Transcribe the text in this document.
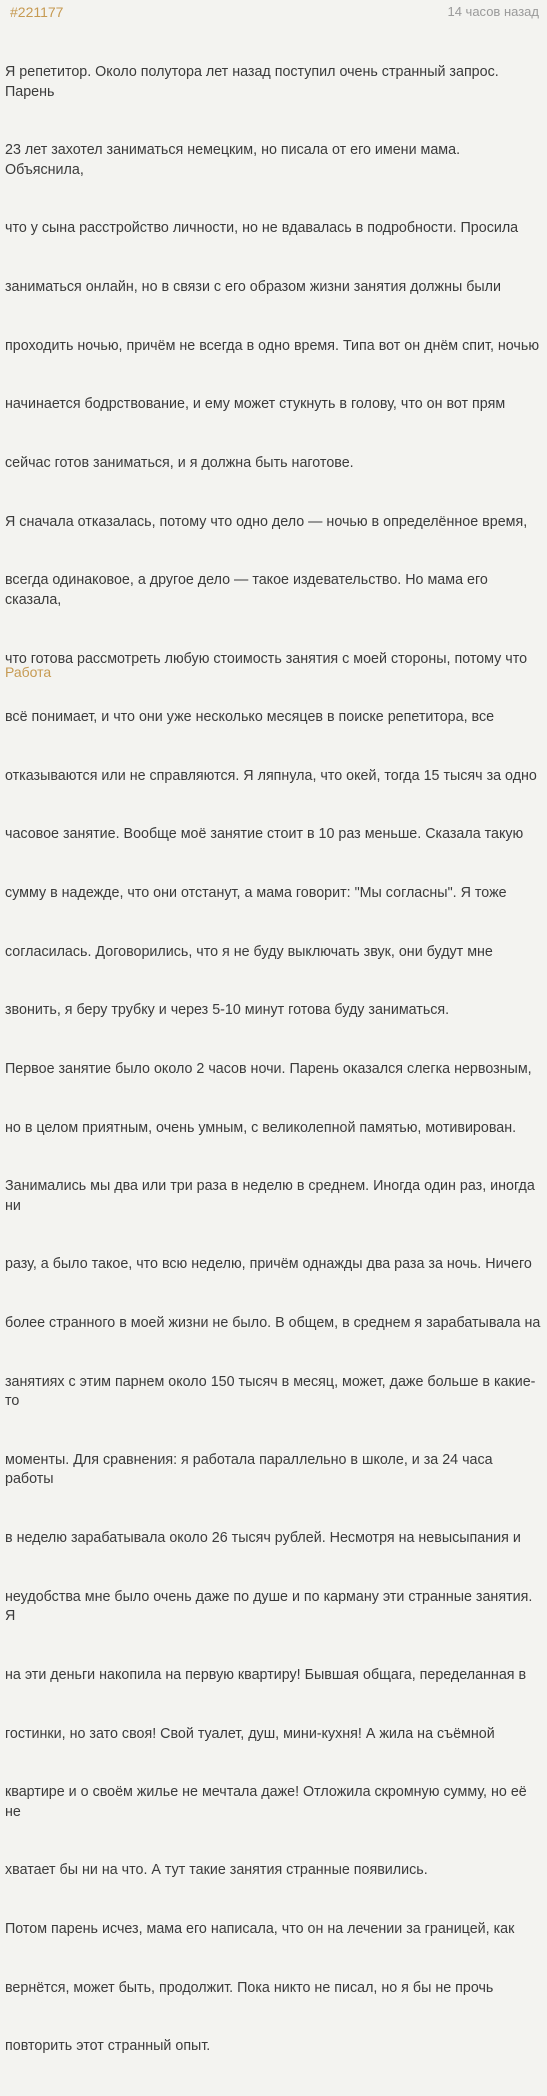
#221177	14 часов назад

Я репетитор. Около полутора лет назад поступил очень странный запрос. Парень

23 лет захотел заниматься немецким, но писала от его имени мама. Объяснила,

что у сына расстройство личности, но не вдавалась в подробности. Просила

заниматься онлайн, но в связи с его образом жизни занятия должны были

проходить ночью, причём не всегда в одно время. Типа вот он днём спит, ночью

начинается бодрствование, и ему может стукнуть в голову, что он вот прям

сейчас готов заниматься, и я должна быть наготове.

Я сначала отказалась, потому что одно дело — ночью в определённое время,

всегда одинаковое, а другое дело — такое издевательство. Но мама его сказала,

что готова рассмотреть любую стоимость занятия с моей стороны, потому что

всё понимает, и что они уже несколько месяцев в поиске репетитора, все

отказываются или не справляются. Я ляпнула, что окей, тогда 15 тысяч за одно

часовое занятие. Вообще моё занятие стоит в 10 раз меньше. Сказала такую

сумму в надежде, что они отстанут, а мама говорит: "Мы согласны". Я тоже

согласилась. Договорились, что я не буду выключать звук, они будут мне

звонить, я беру трубку и через 5-10 минут готова буду заниматься.

Первое занятие было около 2 часов ночи. Парень оказался слегка нервозным,

но в целом приятным, очень умным, с великолепной памятью, мотивирован.

Занимались мы два или три раза в неделю в среднем. Иногда один раз, иногда ни

разу, а было такое, что всю неделю, причём однажды два раза за ночь. Ничего

более странного в моей жизни не было. В общем, в среднем я зарабатывала на

занятиях с этим парнем около 150 тысяч в месяц, может, даже больше в какие-то

моменты. Для сравнения: я работала параллельно в школе, и за 24 часа работы

в неделю зарабатывала около 26 тысяч рублей. Несмотря на невысыпания и

неудобства мне было очень даже по душе и по карману эти странные занятия. Я

на эти деньги накопила на первую квартиру! Бывшая общага, переделанная в

гостинки, но зато своя! Свой туалет, душ, мини-кухня! А жила на съёмной

квартире и о своём жилье не мечтала даже! Отложила скромную сумму, но её не

хватает бы ни на что. А тут такие занятия странные появились.

Потом парень исчез, мама его написала, что он на лечении за границей, как

вернётся, может быть, продолжит. Пока никто не писал, но я бы не прочь

повторить этот странный опыт.

Работа
